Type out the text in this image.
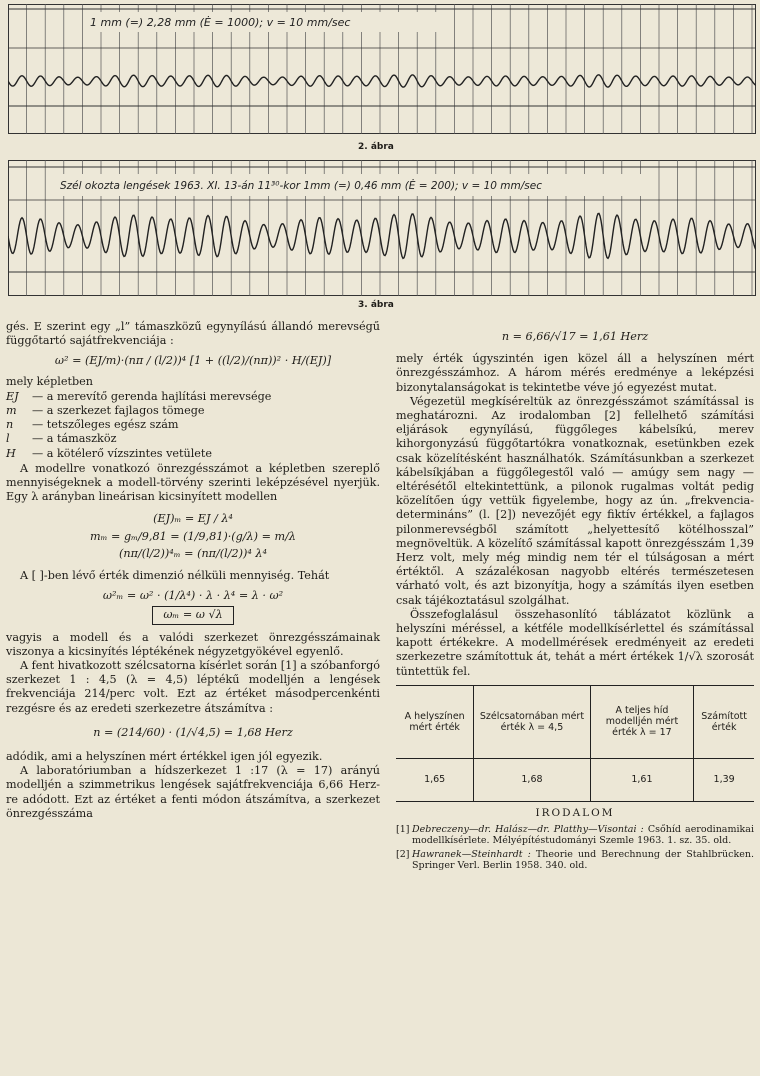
1 mm (=) 2,28 mm (Ė = 1000); v = 10 mm/sec
2. ábra
Szél okozta lengések 1963. XI. 13-án 11³⁰-kor 1mm (=) 0,46 mm (Ė = 200); v = 10 mm/sec
3. ábra

gés. E szerint egy „l” támaszközű egynyílású állandó merevségű függőtartó sajátfrekvenciája :

ω² = (EJ/m)·(nπ / (l/2))⁴ [1 + ((l/2)/(nπ))² · H/(EJ)]

mely képletben

EJ	— a merevítő gerenda hajlítási merevsége
m	— a szerkezet fajlagos tömege
n	— tetszőleges egész szám
l	— a támaszköz
H	— a kötélerő vízszintes vetülete

A modellre vonatkozó önrezgésszámot a képletben szereplő mennyiségeknek a modell-törvény szerinti leképzésével nyerjük. Egy λ arányban lineárisan kicsinyített modellen

(EJ)ₘ = EJ / λ⁴
mₘ = gₘ/9,81 = (1/9,81)·(g/λ) = m/λ
(nπ/(l/2))⁴ₘ = (nπ/(l/2))⁴ λ⁴

A [ ]-ben lévő érték dimenzió nélküli mennyiség. Tehát

ω²ₘ = ω² · (1/λ⁴) · λ · λ⁴ = λ · ω²
ωₘ = ω √λ

vagyis a modell és a valódi szerkezet önrezgésszámainak viszonya a kicsinyítés léptékének négyzetgyökével egyenlő.

A fent hivatkozott szélcsatorna kísérlet során [1] a szóbanforgó szerkezet 1 : 4,5 (λ = 4,5) léptékű modelljén a lengések frekvenciája 214/perc volt. Ezt az értéket másodpercenkénti rezgésre és az eredeti szerkezetre átszámítva :

n = (214/60) · (1/√4,5) = 1,68 Herz

adódik, ami a helyszínen mért értékkel igen jól egyezik.

A laboratóriumban a hídszerkezet 1 :17 (λ = 17) arányú modelljén a szimmetrikus lengések sajátfrekvenciája 6,66 Herz-re adódott. Ezt az értéket a fenti módon átszámítva, a szerkezet önrezgésszáma

n = 6,66/√17 = 1,61 Herz

mely érték úgyszintén igen közel áll a helyszínen mért önrezgésszámhoz. A három mérés eredménye a leképzési bizonytalanságokat is tekintetbe véve jó egyezést mutat.

Végezetül megkíséreltük az önrezgésszámot számítással is meghatározni. Az irodalomban [2] fellelhető számítási eljárások egynyílású, függőleges kábelsíkú, merev kihorgonyzású függőtartókra vonatkoznak, esetünkben ezek csak közelítésként használhatók. Számításunkban a szerkezet kábelsíkjában a függőlegestől való — amúgy sem nagy — eltérésétől eltekintettünk, a pilonok rugalmas voltát pedig közelítően úgy vettük figyelembe, hogy az ún. „frekvencia-determináns” (l. [2]) nevezőjét egy fiktív értékkel, a fajlagos pilonmerevségből számított „helyettesítő kötélhosszal” megnöveltük. A közelítő számítással kapott önrezgésszám 1,39 Herz volt, mely még mindig nem tér el túlságosan a mért értéktől. A százalékosan nagyobb eltérés természetesen várható volt, és azt bizonyítja, hogy a számítás ilyen esetben csak tájékoztatásul szolgálhat.

Összefoglalásul összehasonlító táblázatot közlünk a helyszíni méréssel, a kétféle modellkísérlettel és számítással kapott értékekre. A modellmérések eredményeit az eredeti szerkezetre számítottuk át, tehát a mért értékek 1/√λ szorosát tüntettük fel.

A helyszínen mért érték	Szélcsatornában mért érték λ = 4,5	A teljes híd modelljén mért érték λ = 17	Számított érték
1,65	1,68	1,61	1,39
IRODALOM
[1] Debreczeny—dr. Halász—dr. Platthy—Visontai : Csőhíd aerodinamikai modellkísérlete. Mélyépítéstudományi Szemle 1963. 1. sz. 35. old.
[2] Hawranek—Steinhardt : Theorie und Berechnung der Stahlbrücken. Springer Verl. Berlin 1958. 340. old.
